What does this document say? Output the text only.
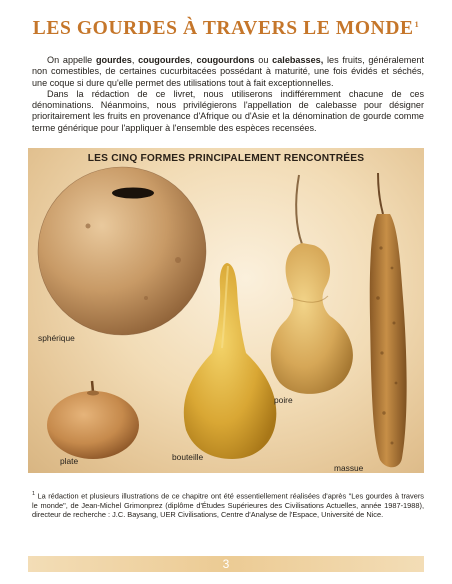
LES GOURDES À TRAVERS LE MONDE$^1$

On appelle gourdes, cougourdes, cougourdons ou calebasses, les fruits, généralement non comestibles, de certaines cucurbitacées possédant à maturité, une fois évidés et séchés, une coque si dure qu'elle permet des utilisations tout à fait exceptionnelles.

Dans la rédaction de ce livret, nous utiliserons indifféremment chacune de ces dénominations. Néanmoins, nous privilégierons l'appellation de calebasse pour désigner prioritairement les fruits en provenance d'Afrique ou d'Asie et la dénomination de gourde comme terme générique pour l'appliquer à l'ensemble des espèces recensées.

LES CINQ FORMES PRINCIPALEMENT RENCONTRÉES
sphérique
plate	bouteille
poire
massue
$^1$ La rédaction et plusieurs illustrations de ce chapitre ont été essentiellement réalisées d'après "Les gourdes à travers le monde", de Jean-Michel Grimonprez (diplôme d'Études Supérieures des Civilisations Actuelles, année 1987-1988), directeur de recherche : J.C. Baysang, UER Civilisations, Centre d'Analyse de l'Espace, Université de Nice.
3
